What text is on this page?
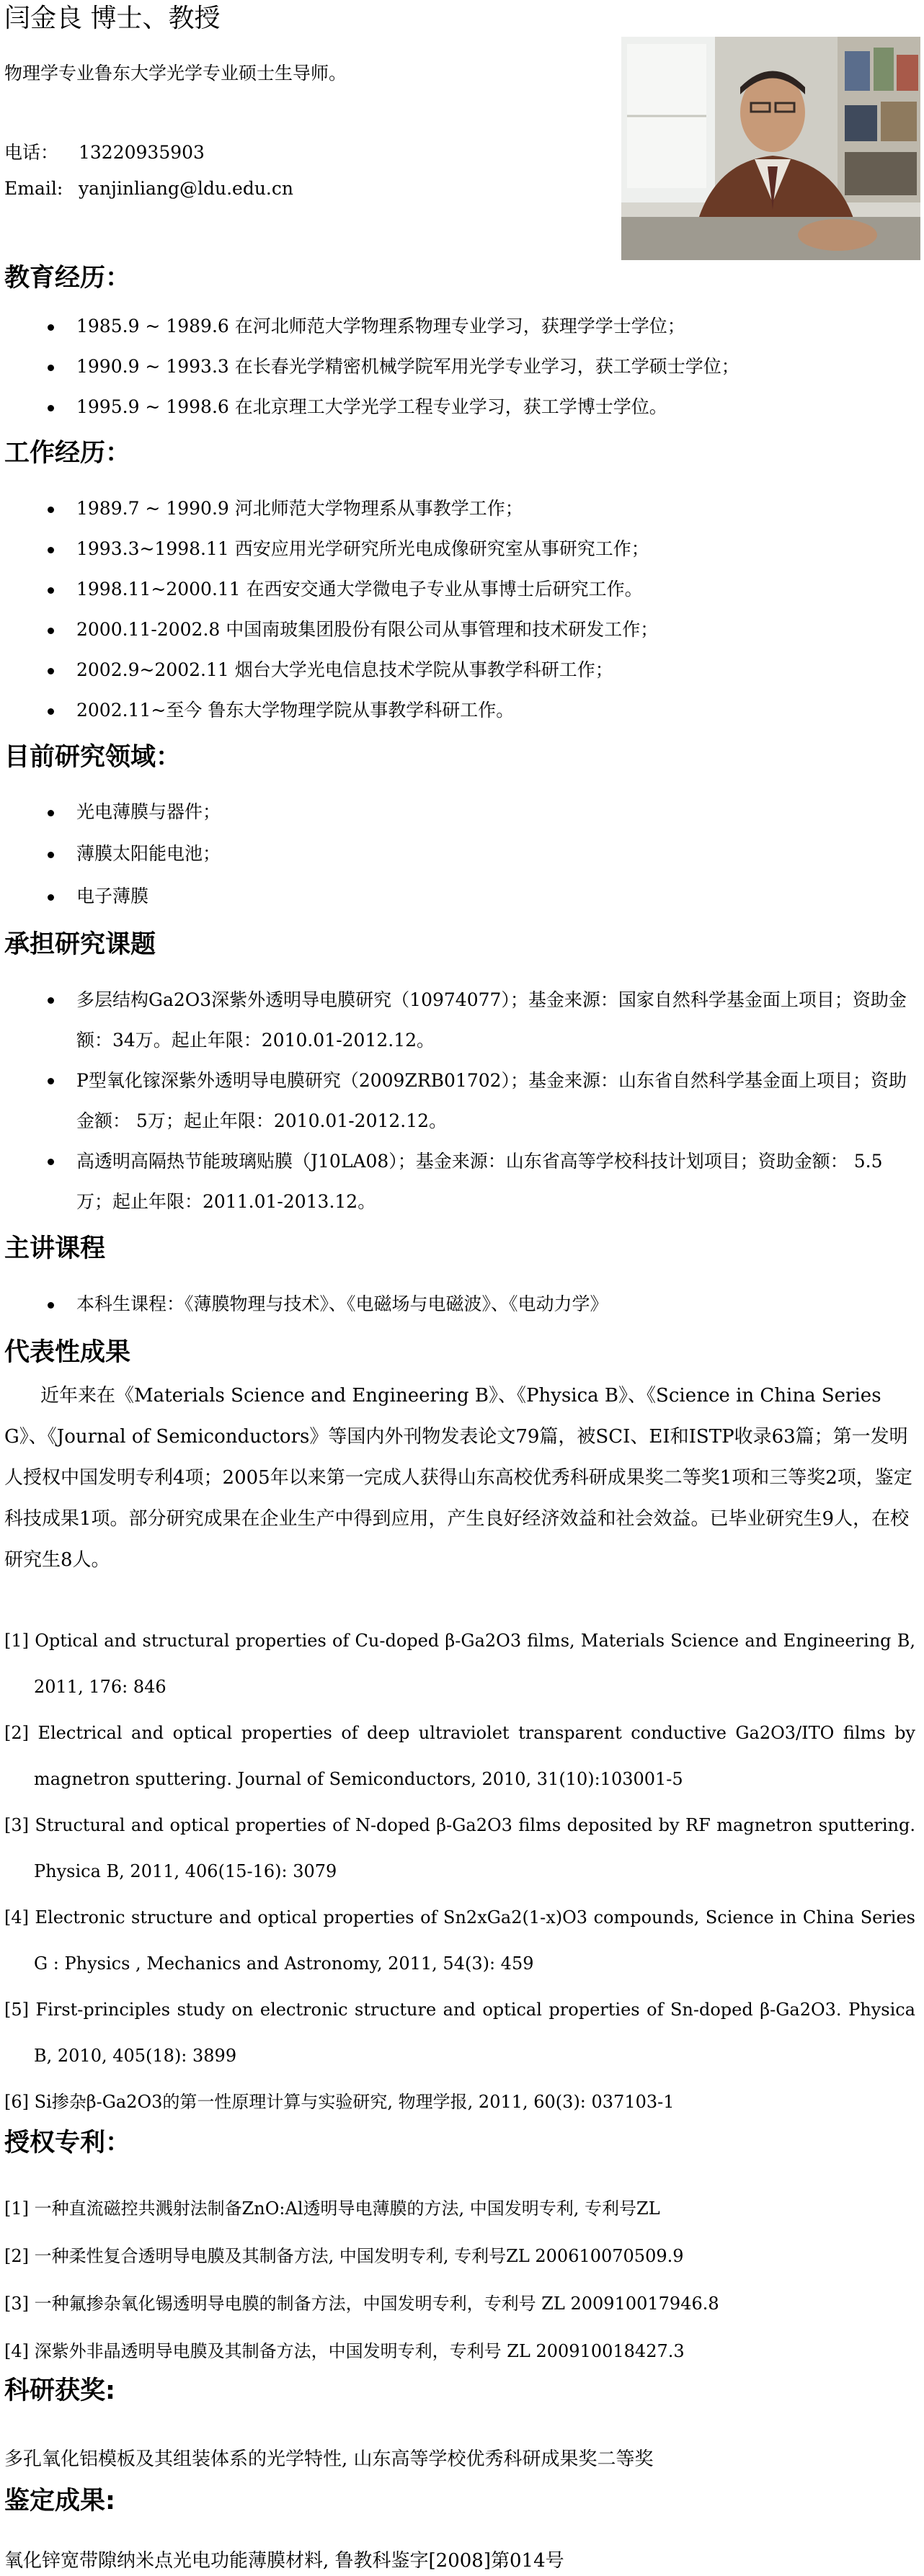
闫金良 博士、教授
物理学专业鲁东大学光学专业硕士生导师。
电话： 13220935903
Email: yanjinliang@ldu.edu.cn
教育经历：
1985.9 ~ 1989.6 在河北师范大学物理系物理专业学习，获理学学士学位；
1990.9 ~ 1993.3 在长春光学精密机械学院军用光学专业学习，获工学硕士学位；
1995.9 ~ 1998.6 在北京理工大学光学工程专业学习，获工学博士学位。
工作经历：
1989.7 ~ 1990.9 河北师范大学物理系从事教学工作；
1993.3~1998.11 西安应用光学研究所光电成像研究室从事研究工作；
1998.11~2000.11 在西安交通大学微电子专业从事博士后研究工作。
2000.11-2002.8 中国南玻集团股份有限公司从事管理和技术研发工作；
2002.9~2002.11 烟台大学光电信息技术学院从事教学科研工作；
2002.11~至今 鲁东大学物理学院从事教学科研工作。
目前研究领域：
光电薄膜与器件；
薄膜太阳能电池；
电子薄膜
承担研究课题
多层结构Ga2O3深紫外透明导电膜研究（10974077）；基金来源：国家自然科学基金面上项目；资助金额：34万。起止年限：2010.01-2012.12。
P型氧化镓深紫外透明导电膜研究（2009ZRB01702）；基金来源：山东省自然科学基金面上项目；资助金额： 5万；起止年限：2010.01-2012.12。
高透明高隔热节能玻璃贴膜（J10LA08）；基金来源：山东省高等学校科技计划项目；资助金额： 5.5万；起止年限：2011.01-2013.12。
主讲课程
本科生课程：《薄膜物理与技术》、《电磁场与电磁波》、《电动力学》
代表性成果
近年来在《Materials Science and Engineering B》、《Physica B》、《Science in China Series G》、《Journal of Semiconductors》等国内外刊物发表论文79篇，被SCI、EI和ISTP收录63篇；第一发明人授权中国发明专利4项；2005年以来第一完成人获得山东高校优秀科研成果奖二等奖1项和三等奖2项，鉴定科技成果1项。部分研究成果在企业生产中得到应用，产生良好经济效益和社会效益。已毕业研究生9人，在校研究生8人。
[1] Optical and structural properties of Cu-doped β-Ga2O3 films, Materials Science and Engineering B, 2011, 176: 846
[2] Electrical and optical properties of deep ultraviolet transparent conductive Ga2O3/ITO films by magnetron sputtering. Journal of Semiconductors, 2010, 31(10):103001-5
[3] Structural and optical properties of N-doped β-Ga2O3 films deposited by RF magnetron sputtering. Physica B, 2011, 406(15-16): 3079
[4] Electronic structure and optical properties of Sn2xGa2(1-x)O3 compounds, Science in China Series G : Physics , Mechanics and Astronomy, 2011, 54(3): 459
[5] First-principles study on electronic structure and optical properties of Sn-doped β-Ga2O3. Physica B, 2010, 405(18): 3899
[6] Si掺杂β-Ga2O3的第一性原理计算与实验研究, 物理学报, 2011, 60(3): 037103-1
授权专利：
[1] 一种直流磁控共溅射法制备ZnO:Al透明导电薄膜的方法, 中国发明专利, 专利号ZL
[2] 一种柔性复合透明导电膜及其制备方法, 中国发明专利, 专利号ZL 200610070509.9
[3] 一种氟掺杂氧化锡透明导电膜的制备方法，中国发明专利，专利号 ZL 200910017946.8
[4] 深紫外非晶透明导电膜及其制备方法，中国发明专利，专利号 ZL 200910018427.3
科研获奖:
多孔氧化铝模板及其组装体系的光学特性, 山东高等学校优秀科研成果奖二等奖
鉴定成果:
氧化锌宽带隙纳米点光电功能薄膜材料, 鲁教科鉴字[2008]第014号
